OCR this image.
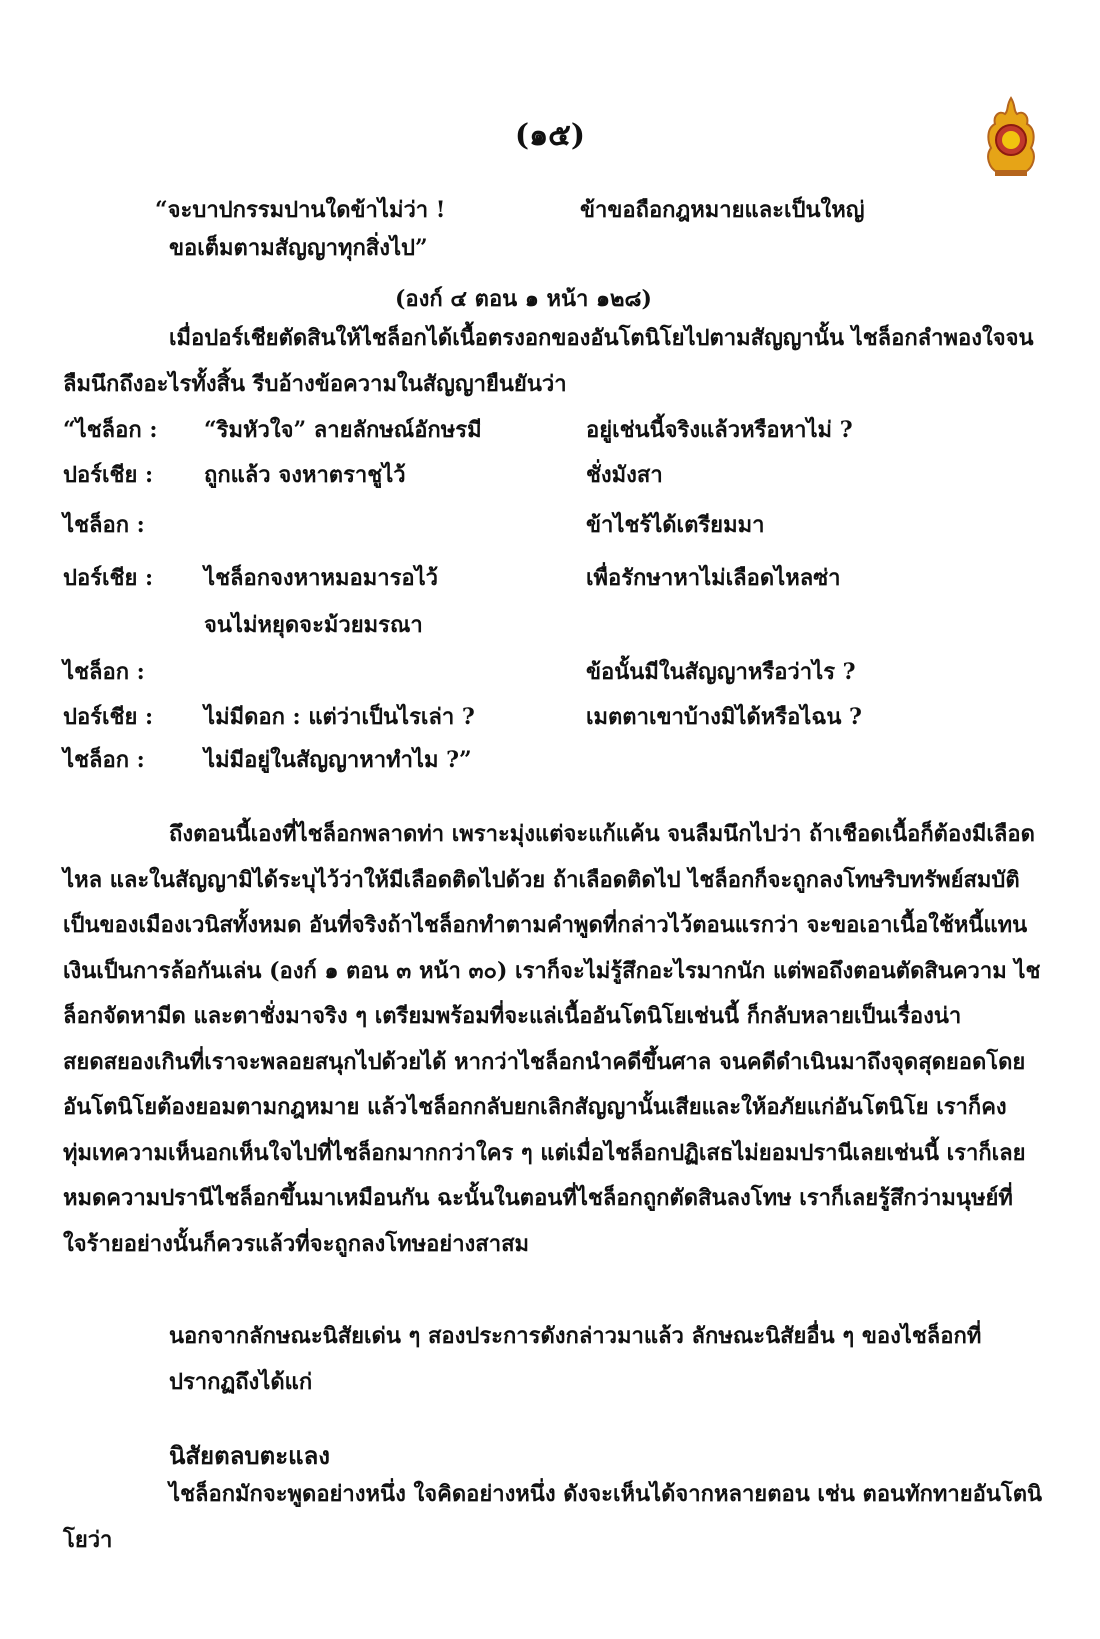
(๑๕)
“จะบาปกรรมปานใดข้าไม่ว่า !	ข้าขอถือกฎหมายและเป็นใหญ่
ขอเต็มตามสัญญาทุกสิ่งไป”
(องก์ ๔ ตอน ๑ หน้า ๑๒๘)
เมื่อปอร์เชียตัดสินให้ไชล็อกได้เนื้อตรงอกของอันโตนิโยไปตามสัญญานั้น ไชล็อกลำพองใจจนลืมนึกถึงอะไรทั้งสิ้น รีบอ้างข้อความในสัญญายืนยันว่า
“ไชล็อก : “ริมหัวใจ” ลายลักษณ์อักษรมี	อยู่เช่นนี้จริงแล้วหรือหาไม่ ?
ปอร์เชีย : ถูกแล้ว จงหาตราชูไว้	ชั่งมังสา
ไชล็อก :	ข้าไชร้ได้เตรียมมา
ปอร์เชีย : ไชล็อกจงหาหมอมารอไว้	เพื่อรักษาหาไม่เลือดไหลซ่า
จนไม่หยุดจะม้วยมรณา
ไชล็อก :	ข้อนั้นมีในสัญญาหรือว่าไร ?
ปอร์เชีย : ไม่มีดอก : แต่ว่าเป็นไรเล่า ?	เมตตาเขาบ้างมิได้หรือไฉน ?
ไชล็อก :	ไม่มีอยู่ในสัญญาหาทำไม ?”
ถึงตอนนี้เองที่ไชล็อกพลาดท่า เพราะมุ่งแต่จะแก้แค้น จนลืมนึกไปว่า ถ้าเชือดเนื้อก็ต้องมีเลือดไหล และในสัญญามิได้ระบุไว้ว่าให้มีเลือดติดไปด้วย ถ้าเลือดติดไป ไชล็อกก็จะถูกลงโทษริบทรัพย์สมบัติเป็นของเมืองเวนิสทั้งหมด อันที่จริงถ้าไชล็อกทำตามคำพูดที่กล่าวไว้ตอนแรกว่า จะขอเอาเนื้อใช้หนี้แทนเงินเป็นการล้อกันเล่น (องก์ ๑ ตอน ๓ หน้า ๓๐) เราก็จะไม่รู้สึกอะไรมากนัก แต่พอถึงตอนตัดสินความ ไชล็อกจัดหามีด และตาชั่งมาจริง ๆ เตรียมพร้อมที่จะแล่เนื้ออันโตนิโยเช่นนี้ ก็กลับหลายเป็นเรื่องน่าสยดสยองเกินที่เราจะพลอยสนุกไปด้วยได้ หากว่าไชล็อกนำคดีขึ้นศาล จนคดีดำเนินมาถึงจุดสุดยอดโดยอันโตนิโยต้องยอมตามกฎหมาย แล้วไชล็อกกลับยกเลิกสัญญานั้นเสียและให้อภัยแก่อันโตนิโย เราก็คงทุ่มเทความเห็นอกเห็นใจไปที่ไชล็อกมากกว่าใคร ๆ แต่เมื่อไชล็อกปฏิเสธไม่ยอมปรานีเลยเช่นนี้ เราก็เลยหมดความปรานีไชล็อกขึ้นมาเหมือนกัน ฉะนั้นในตอนที่ไชล็อกถูกตัดสินลงโทษ เราก็เลยรู้สึกว่ามนุษย์ที่ใจร้ายอย่างนั้นก็ควรแล้วที่จะถูกลงโทษอย่างสาสม
นอกจากลักษณะนิสัยเด่น ๆ สองประการดังกล่าวมาแล้ว ลักษณะนิสัยอื่น ๆ ของไชล็อกที่ปรากฏถึงได้แก่
นิสัยตลบตะแลง
ไชล็อกมักจะพูดอย่างหนึ่ง ใจคิดอย่างหนึ่ง ดังจะเห็นได้จากหลายตอน เช่น ตอนทักทายอันโตนิโยว่า
